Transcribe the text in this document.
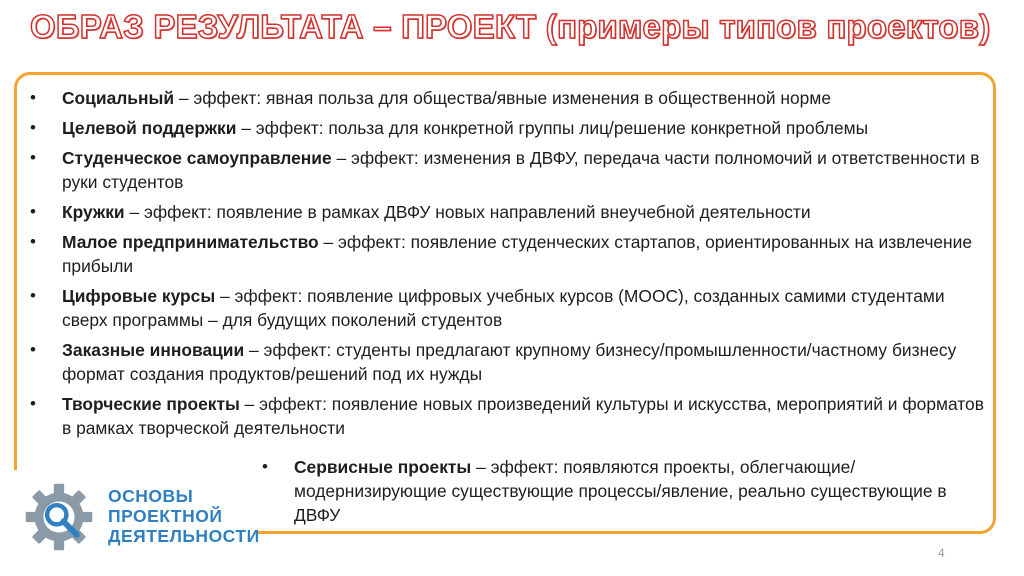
ОБРАЗ РЕЗУЛЬТАТА – ПРОЕКТ (примеры типов проектов)
• Социальный – эффект: явная польза для общества/явные изменения в общественной норме
• Целевой поддержки – эффект: польза для конкретной группы лиц/решение конкретной проблемы
• Студенческое самоуправление – эффект: изменения в ДВФУ, передача части полномочий и ответственности в руки студентов
• Кружки – эффект: появление в рамках ДВФУ новых направлений внеучебной деятельности
• Малое предпринимательство – эффект: появление студенческих стартапов, ориентированных на извлечение прибыли
• Цифровые курсы – эффект: появление цифровых учебных курсов (МООС), созданных самими студентами сверх программы – для будущих поколений студентов
• Заказные инновации – эффект: студенты предлагают крупному бизнесу/промышленности/частному бизнесу формат создания продуктов/решений под их нужды
• Творческие проекты – эффект: появление новых произведений культуры и искусства, мероприятий и форматов в рамках творческой деятельности
• Сервисные проекты – эффект: появляются проекты, облегчающие/модернизирующие существующие процессы/явление, реально существующие в ДВФУ
ОСНОВЫ
ПРОЕКТНОЙ
ДЕЯТЕЛЬНОСТИ
4
